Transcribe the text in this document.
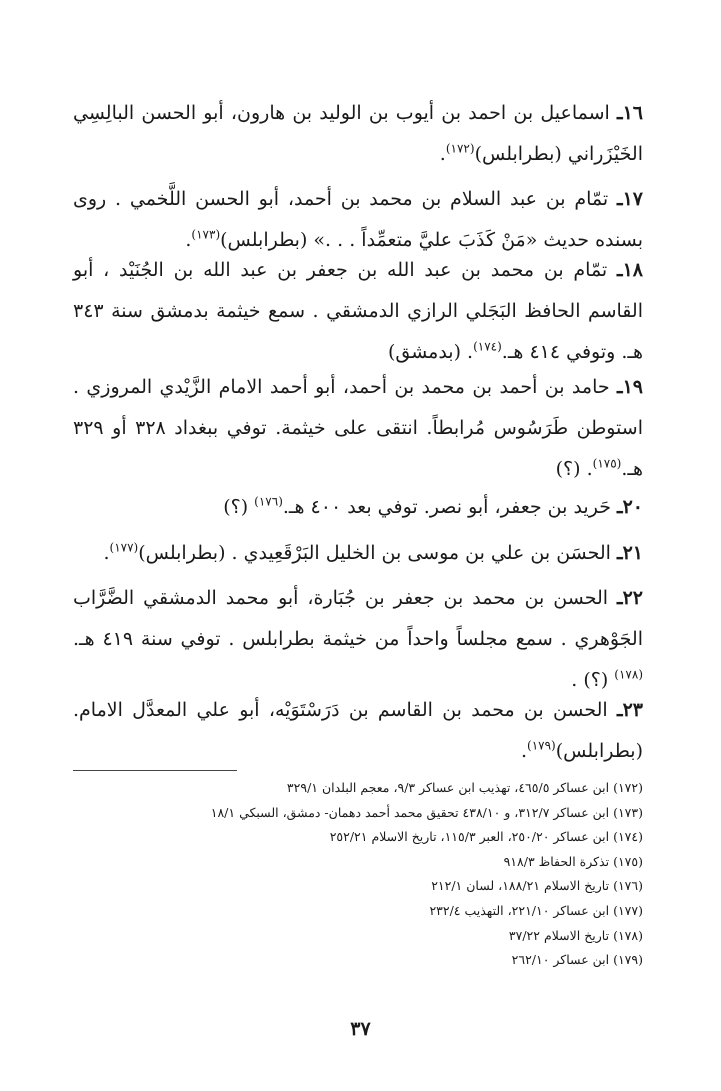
١٦ـ اسماعيل بن احمد بن أيوب بن الوليد بن هارون، أبو الحسن البالِسِي الخَيْزَراني (بطرابلس)$^{(١٧٢)}$.
١٧ـ تمّام بن عبد السلام بن محمد بن أحمد، أبو الحسن اللَّخمي . روى بسنده حديث «مَنْ كَذَبَ عليَّ متعمِّداً . . .» (بطرابلس)$^{(١٧٣)}$.
١٨ـ تمّام بن محمد بن عبد الله بن جعفر بن عبد الله بن الجُنَيْد ، أبو القاسم الحافظ البَجَلي الرازي الدمشقي . سمع خيثمة بدمشق سنة ٣٤٣ هـ. وتوفي ٤١٤ هـ.$^{(١٧٤)}$. (بدمشق)
١٩ـ حامد بن أحمد بن محمد بن أحمد، أبو أحمد الامام الزَّيْدي المروزي . استوطن طَرَسُوس مُرابطاً. انتقى على خيثمة. توفي ببغداد ٣٢٨ أو ٣٢٩ هـ.$^{(١٧٥)}$. (؟)
٢٠ـ حَريد بن جعفر، أبو نصر. توفي بعد ٤٠٠ هـ.$^{(١٧٦)}$ (؟)
٢١ـ الحسَن بن علي بن موسى بن الخليل البَرْقَعِيدي . (بطرابلس)$^{(١٧٧)}$.
٢٢ـ الحسن بن محمد بن جعفر بن جُبَارة، أبو محمد الدمشقي الضَّرَّاب الجَوْهري . سمع مجلساً واحداً من خيثمة بطرابلس . توفي سنة ٤١٩ هـ.$^{(١٧٨)}$ (؟) .
٢٣ـ الحسن بن محمد بن القاسم بن دَرَسْتَوَيْه، أبو علي المعدَّل الامام. (بطرابلس)$^{(١٧٩)}$.
(١٧٢) ابن عساكر ٤٦٥/٥، تهذيب ابن عساكر ٩/٣، معجم البلدان ٣٢٩/١
(١٧٣) ابن عساكر ٣١٢/٧، و ٤٣٨/١٠ تحقيق محمد أحمد دهمان- دمشق، السبكي ١٨/١
(١٧٤) ابن عساكر ٢٥٠/٢٠، العبر ١١٥/٣، تاريخ الاسلام ٢٥٢/٢١
(١٧٥) تذكرة الحفاظ ٩١٨/٣
(١٧٦) تاريخ الاسلام ١٨٨/٢١، لسان ٢١٢/١
(١٧٧) ابن عساكر ٢٢١/١٠، التهذيب ٢٣٢/٤
(١٧٨) تاريخ الاسلام ٣٧/٢٢
(١٧٩) ابن عساكر ٢٦٢/١٠
٣٧
